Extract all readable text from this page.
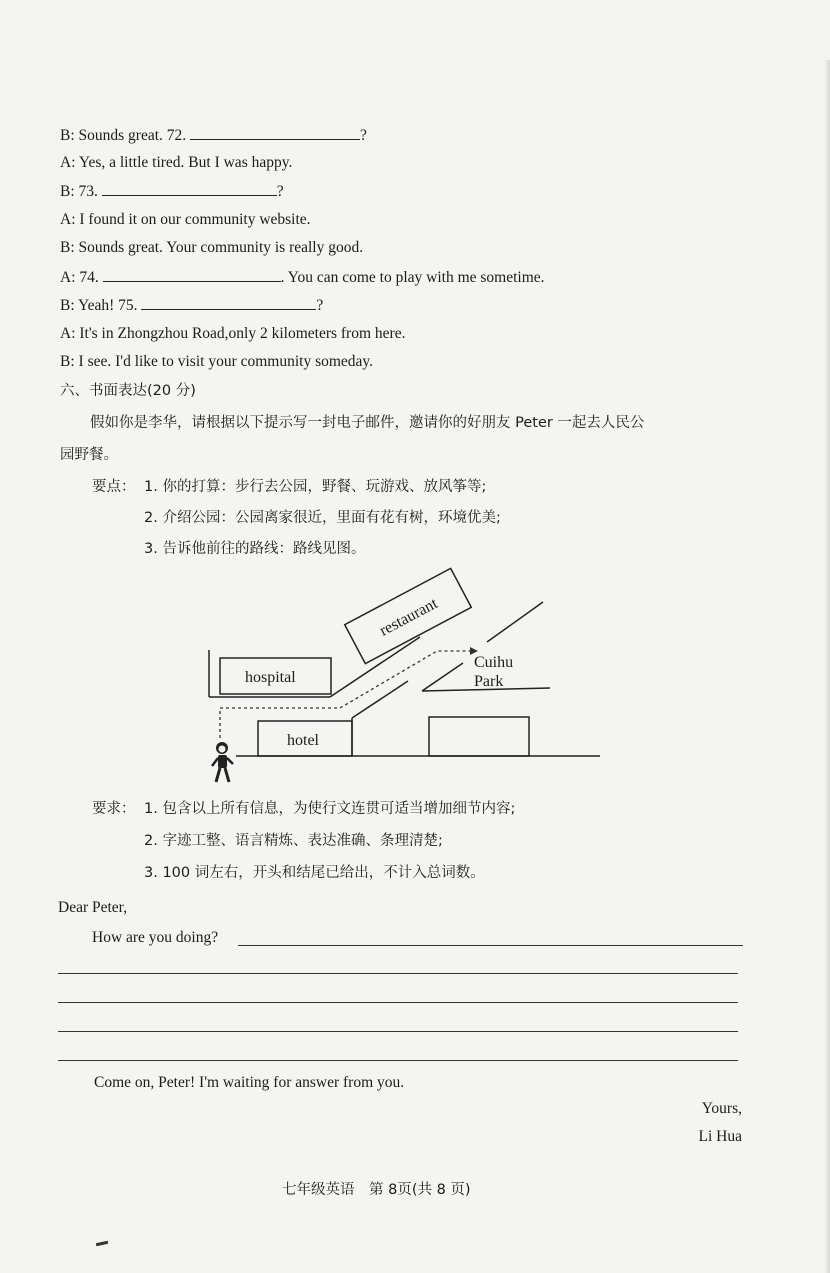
B: Sounds great. 72.	?
A: Yes, a little tired. But I was happy.
B: 73.	?
A: I found it on our community website.
B: Sounds great. Your community is really good.
A: 74.	. You can come to play with me sometime.
B: Yeah! 75.	?
A: It's in Zhongzhou Road,only 2 kilometers from here.
B: I see. I'd like to visit your community someday.
六、书面表达(20 分)
假如你是李华，请根据以下提示写一封电子邮件，邀请你的好朋友 Peter 一起去人民公
园野餐。
要点： 1. 你的打算：步行去公园，野餐、玩游戏、放风筝等;
2. 介绍公园：公园离家很近，里面有花有树，环境优美;
3. 告诉他前往的路线：路线见图。
hospital
restaurant
hotel
Cuihu
Park
要求： 1. 包含以上所有信息，为使行文连贯可适当增加细节内容;
2. 字迹工整、语言精炼、表达准确、条理清楚;
3. 100 词左右，开头和结尾已给出，不计入总词数。
Dear Peter,
How are you doing?
Come on, Peter! I'm waiting for answer from you.
Yours,
Li Hua
七年级英语　第 8页(共 8 页)
